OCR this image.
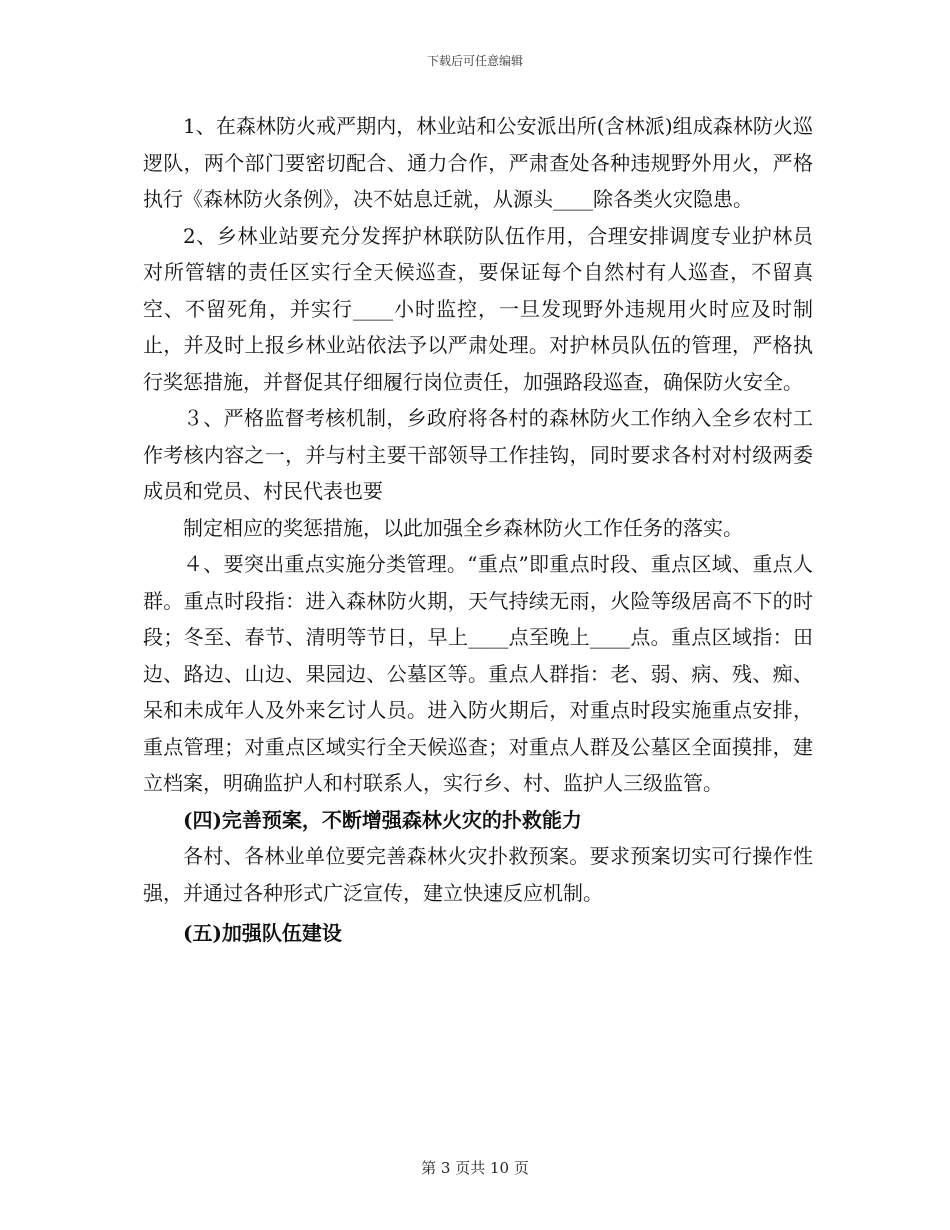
下载后可任意编辑

1、在森林防火戒严期内，林业站和公安派出所(含林派)组成森林防火巡逻队，两个部门要密切配合、通力合作，严肃查处各种违规野外用火，严格执行《森林防火条例》，决不姑息迁就，从源头____除各类火灾隐患。

2、乡林业站要充分发挥护林联防队伍作用，合理安排调度专业护林员对所管辖的责任区实行全天候巡查，要保证每个自然村有人巡查，不留真空、不留死角，并实行____小时监控，一旦发现野外违规用火时应及时制止，并及时上报乡林业站依法予以严肃处理。对护林员队伍的管理，严格执行奖惩措施，并督促其仔细履行岗位责任，加强路段巡查，确保防火安全。

３、严格监督考核机制，乡政府将各村的森林防火工作纳入全乡农村工作考核内容之一，并与村主要干部领导工作挂钩，同时要求各村对村级两委成员和党员、村民代表也要

制定相应的奖惩措施，以此加强全乡森林防火工作任务的落实。

４、要突出重点实施分类管理。“重点”即重点时段、重点区域、重点人群。重点时段指：进入森林防火期，天气持续无雨，火险等级居高不下的时段；冬至、春节、清明等节日，早上____点至晚上____点。重点区域指：田边、路边、山边、果园边、公墓区等。重点人群指：老、弱、病、残、痴、呆和未成年人及外来乞讨人员。进入防火期后，对重点时段实施重点安排，重点管理；对重点区域实行全天候巡查；对重点人群及公墓区全面摸排，建立档案，明确监护人和村联系人，实行乡、村、监护人三级监管。

(四)完善预案，不断增强森林火灾的扑救能力

各村、各林业单位要完善森林火灾扑救预案。要求预案切实可行操作性强，并通过各种形式广泛宣传，建立快速反应机制。

(五)加强队伍建设

第 3 页共 10 页
